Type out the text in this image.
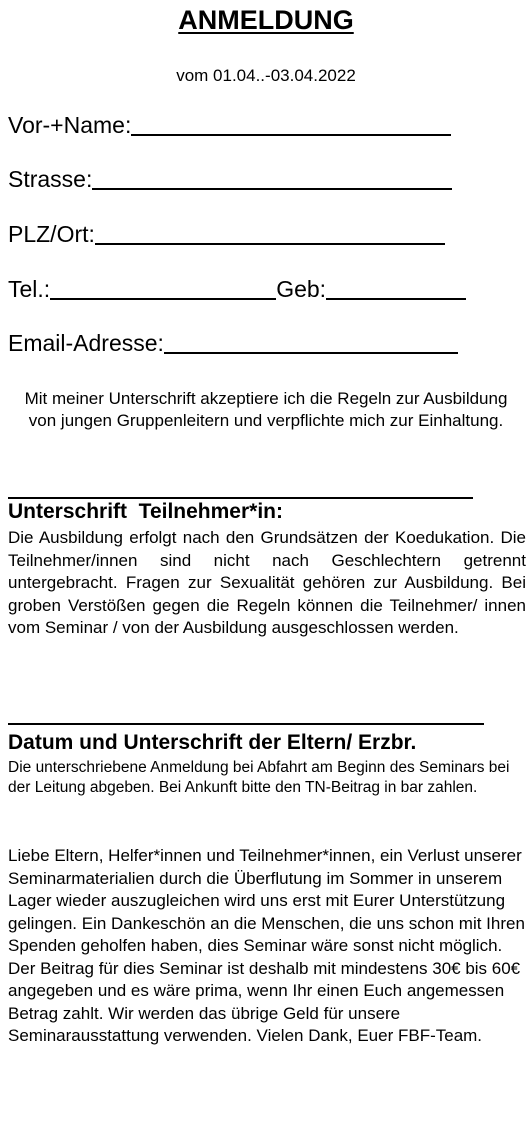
ANMELDUNG
vom 01.04..-03.04.2022
Vor-+Name:
Strasse:
PLZ/Ort:
Tel.:	Geb:
Email-Adresse:
Mit meiner Unterschrift akzeptiere ich die Regeln zur Ausbildung von jungen Gruppenleitern und verpflichte mich zur Einhaltung.
Unterschrift  Teilnehmer*in:
Die Ausbildung erfolgt nach den Grundsätzen der Koedukation. Die Teilnehmer/innen sind nicht nach Geschlechtern getrennt untergebracht. Fragen zur Sexualität gehören zur Ausbildung. Bei groben Verstößen gegen die Regeln können die Teilnehmer/ innen vom Seminar / von der Ausbildung ausgeschlossen werden.
Datum und Unterschrift der Eltern/ Erzbr.
Die unterschriebene Anmeldung bei Abfahrt am Beginn des Seminars bei der Leitung abgeben. Bei Ankunft bitte den TN-Beitrag in bar zahlen.
Liebe Eltern, Helfer*innen und Teilnehmer*innen, ein Verlust unserer Seminarmaterialien durch die Überflutung im Sommer in unserem Lager wieder auszugleichen wird uns erst mit Eurer Unterstützung gelingen. Ein Dankeschön an die Menschen, die uns schon mit Ihren Spenden geholfen haben, dies Seminar wäre sonst nicht möglich. Der Beitrag für dies Seminar ist deshalb mit mindestens 30€ bis 60€ angegeben und es wäre prima, wenn Ihr einen Euch angemessen Betrag zahlt. Wir werden das übrige Geld für unsere Seminarausstattung verwenden. Vielen Dank, Euer FBF-Team.
